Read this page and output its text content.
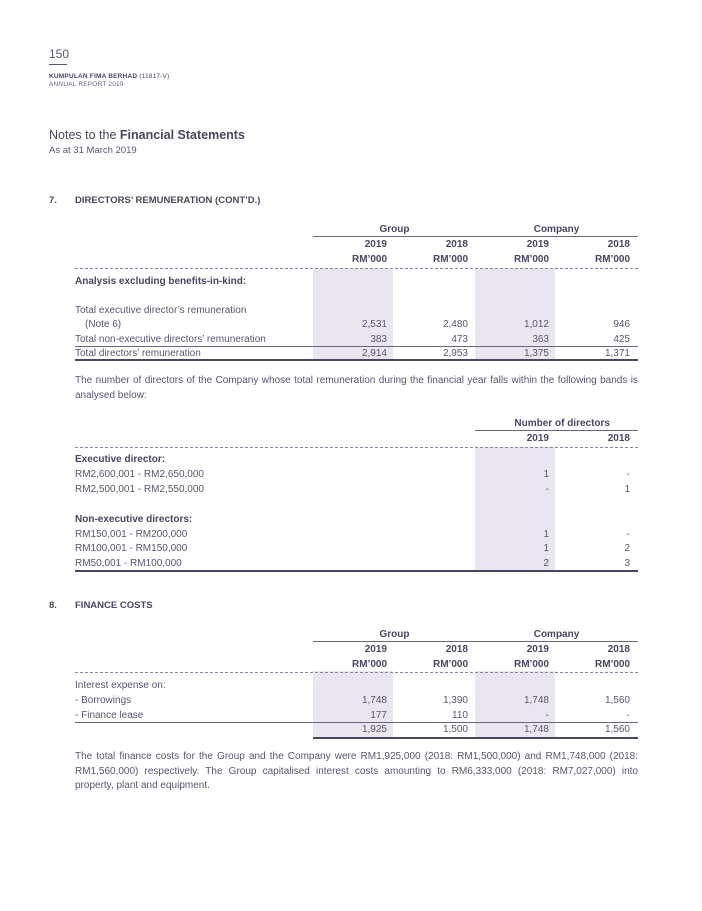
150
KUMPULAN FIMA BERHAD (11817-V)
ANNUAL REPORT 2019
Notes to the Financial Statements
As at 31 March 2019
7. DIRECTORS’ REMUNERATION (CONT’D.)
Group	Company
2019	2018	2019	2018
RM’000	RM’000	RM’000	RM’000
Analysis excluding benefits-in-kind:
Total executive director’s remuneration
(Note 6)	2,531	2,480	1,012	946
Total non-executive directors’ remuneration	383	473	363	425
Total directors’ remuneration	2,914	2,953	1,375	1,371
The number of directors of the Company whose total remuneration during the financial year falls within the following bands is analysed below:
Number of directors
2019	2018
Executive director:
RM2,600,001 - RM2,650,000	1	-
RM2,500,001 - RM2,550,000	-	1
Non-executive directors:
RM150,001 - RM200,000	1	-
RM100,001 - RM150,000	1	2
RM50,001 - RM100,000	2	3
8. FINANCE COSTS
Group	Company
2019	2018	2019	2018
RM’000	RM’000	RM’000	RM’000
Interest expense on:
- Borrowings	1,748	1,390	1,748	1,560
- Finance lease	177	110	-	-
1,925	1,500	1,748	1,560
The total finance costs for the Group and the Company were RM1,925,000 (2018: RM1,500,000) and RM1,748,000 (2018: RM1,560,000) respectively. The Group capitalised interest costs amounting to RM6,333,000 (2018: RM7,027,000) into property, plant and equipment.
